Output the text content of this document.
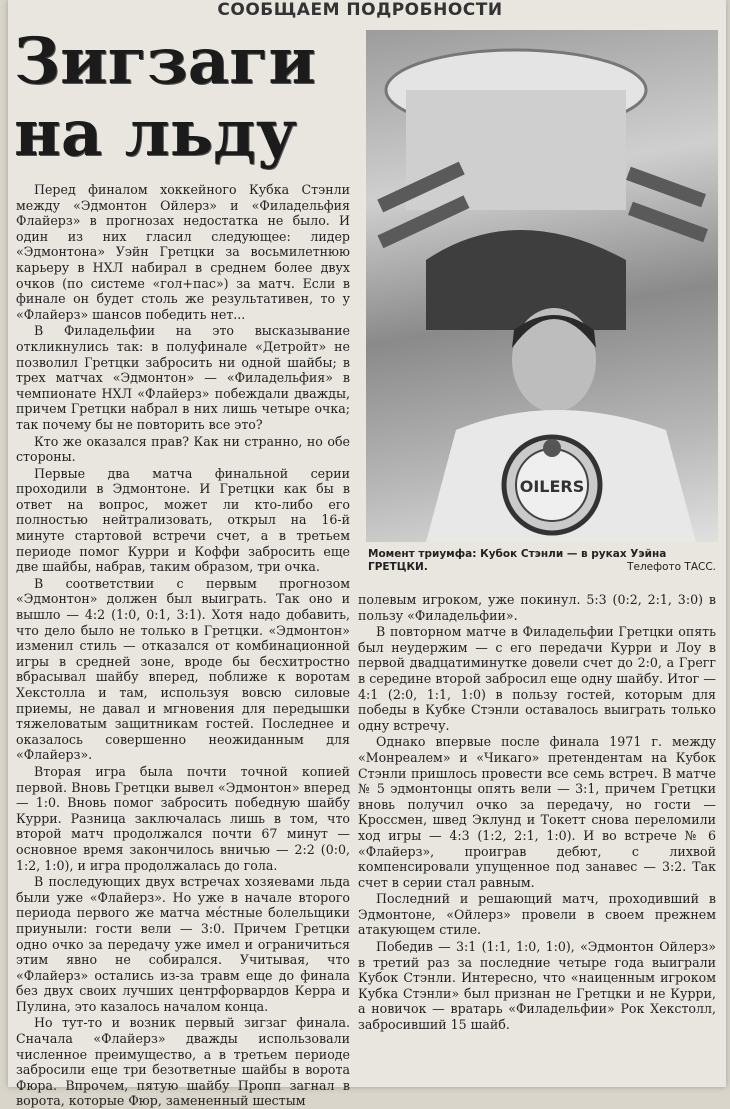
СООБЩАЕМ ПОДРОБНОСТИ
Зигзаги
на льду

Перед финалом хоккейного Кубка Стэнли между «Эдмонтон Ойлерз» и «Филадельфия Флайерз» в прогнозах недостатка не было. И один из них гласил следующее: лидер «Эдмонтона» Уэйн Гретцки за восьмилетнюю карьеру в НХЛ набирал в среднем более двух очков (по системе «гол+пас») за матч. Если в финале он будет столь же результативен, то у «Флайерз» шансов победить нет...

В Филадельфии на это высказывание откликнулись так: в полуфинале «Детройт» не позволил Гретцки забросить ни одной шайбы; в трех матчах «Эдмонтон» — «Филадельфия» в чемпионате НХЛ «Флайерз» побеждали дважды, причем Гретцки набрал в них лишь четыре очка; так почему бы не повторить все это?

Кто же оказался прав? Как ни странно, но обе стороны.

Первые два матча финальной серии проходили в Эдмонтоне. И Гретцки как бы в ответ на вопрос, может ли кто-либо его полностью нейтрализовать, открыл на 16-й минуте стартовой встречи счет, а в третьем периоде помог Курри и Коффи забросить еще две шайбы, набрав, таким образом, три очка.

В соответствии с первым прогнозом «Эдмонтон» должен был выиграть. Так оно и вышло — 4:2 (1:0, 0:1, 3:1). Хотя надо добавить, что дело было не только в Гретцки. «Эдмонтон» изменил стиль — отказался от комбинационной игры в средней зоне, вроде бы бесхитростно вбрасывал шайбу вперед, поближе к воротам Хекстолла и там, используя вовсю силовые приемы, не давал и мгновения для передышки тяжеловатым защитникам гостей. Последнее и оказалось совершенно неожиданным для «Флайерз».

Вторая игра была почти точной копией первой. Вновь Гретцки вывел «Эдмонтон» вперед — 1:0. Вновь помог забросить победную шайбу Курри. Разница заключалась лишь в том, что второй матч продолжался почти 67 минут — основное время закончилось вничью — 2:2 (0:0, 1:2, 1:0), и игра продолжалась до гола.

В последующих двух встречах хозяевами льда были уже «Флайерз». Но уже в начале второго периода первого же матча мéстные болельщики приуныли: гости вели — 3:0. Причем Гретцки одно очко за передачу уже имел и ограничиться этим явно не собирался. Учитывая, что «Флайерз» остались из-за травм еще до финала без двух своих лучших центрфорвардов Керра и Пулина, это казалось началом конца.

Но тут-то и возник первый зигзаг финала. Сначала «Флайерз» дважды использовали численное преимущество, а в третьем периоде забросили еще три безответные шайбы в ворота Фюра. Впрочем, пятую шайбу Пропп загнал в ворота, которые Фюр, замененный шестым

OILERS
Момент триумфа: Кубок Стэнли — в руках Уэйна ГРЕТЦКИ.	Телефото ТАСС.

полевым игроком, уже покинул. 5:3 (0:2, 2:1, 3:0) в пользу «Филадельфии».

В повторном матче в Филадельфии Гретцки опять был неудержим — с его передачи Курри и Лоу в первой двадцатиминутке довели счет до 2:0, а Грегг в середине второй забросил еще одну шайбу. Итог — 4:1 (2:0, 1:1, 1:0) в пользу гостей, которым для победы в Кубке Стэнли оставалось выиграть только одну встречу.

Однако впервые после финала 1971 г. между «Монреалем» и «Чикаго» претендентам на Кубок Стэнли пришлось провести все семь встреч. В матче № 5 эдмонтонцы опять вели — 3:1, причем Гретцки вновь получил очко за передачу, но гости — Кроссмен, швед Эклунд и Токетт снова переломили ход игры — 4:3 (1:2, 2:1, 1:0). И во встрече № 6 «Флайерз», проиграв дебют, с лихвой компенсировали упущенное под занавес — 3:2. Так счет в серии стал равным.

Последний и решающий матч, проходивший в Эдмонтоне, «Ойлерз» провели в своем прежнем атакующем стиле.

Победив — 3:1 (1:1, 1:0, 1:0), «Эдмонтон Ойлерз» в третий раз за последние четыре года выиграли Кубок Стэнли. Интересно, что «наиценным игроком Кубка Стэнли» был признан не Гретцки и не Курри, а новичок — вратарь «Филадельфии» Рок Хекстолл, забросивший 15 шайб.
